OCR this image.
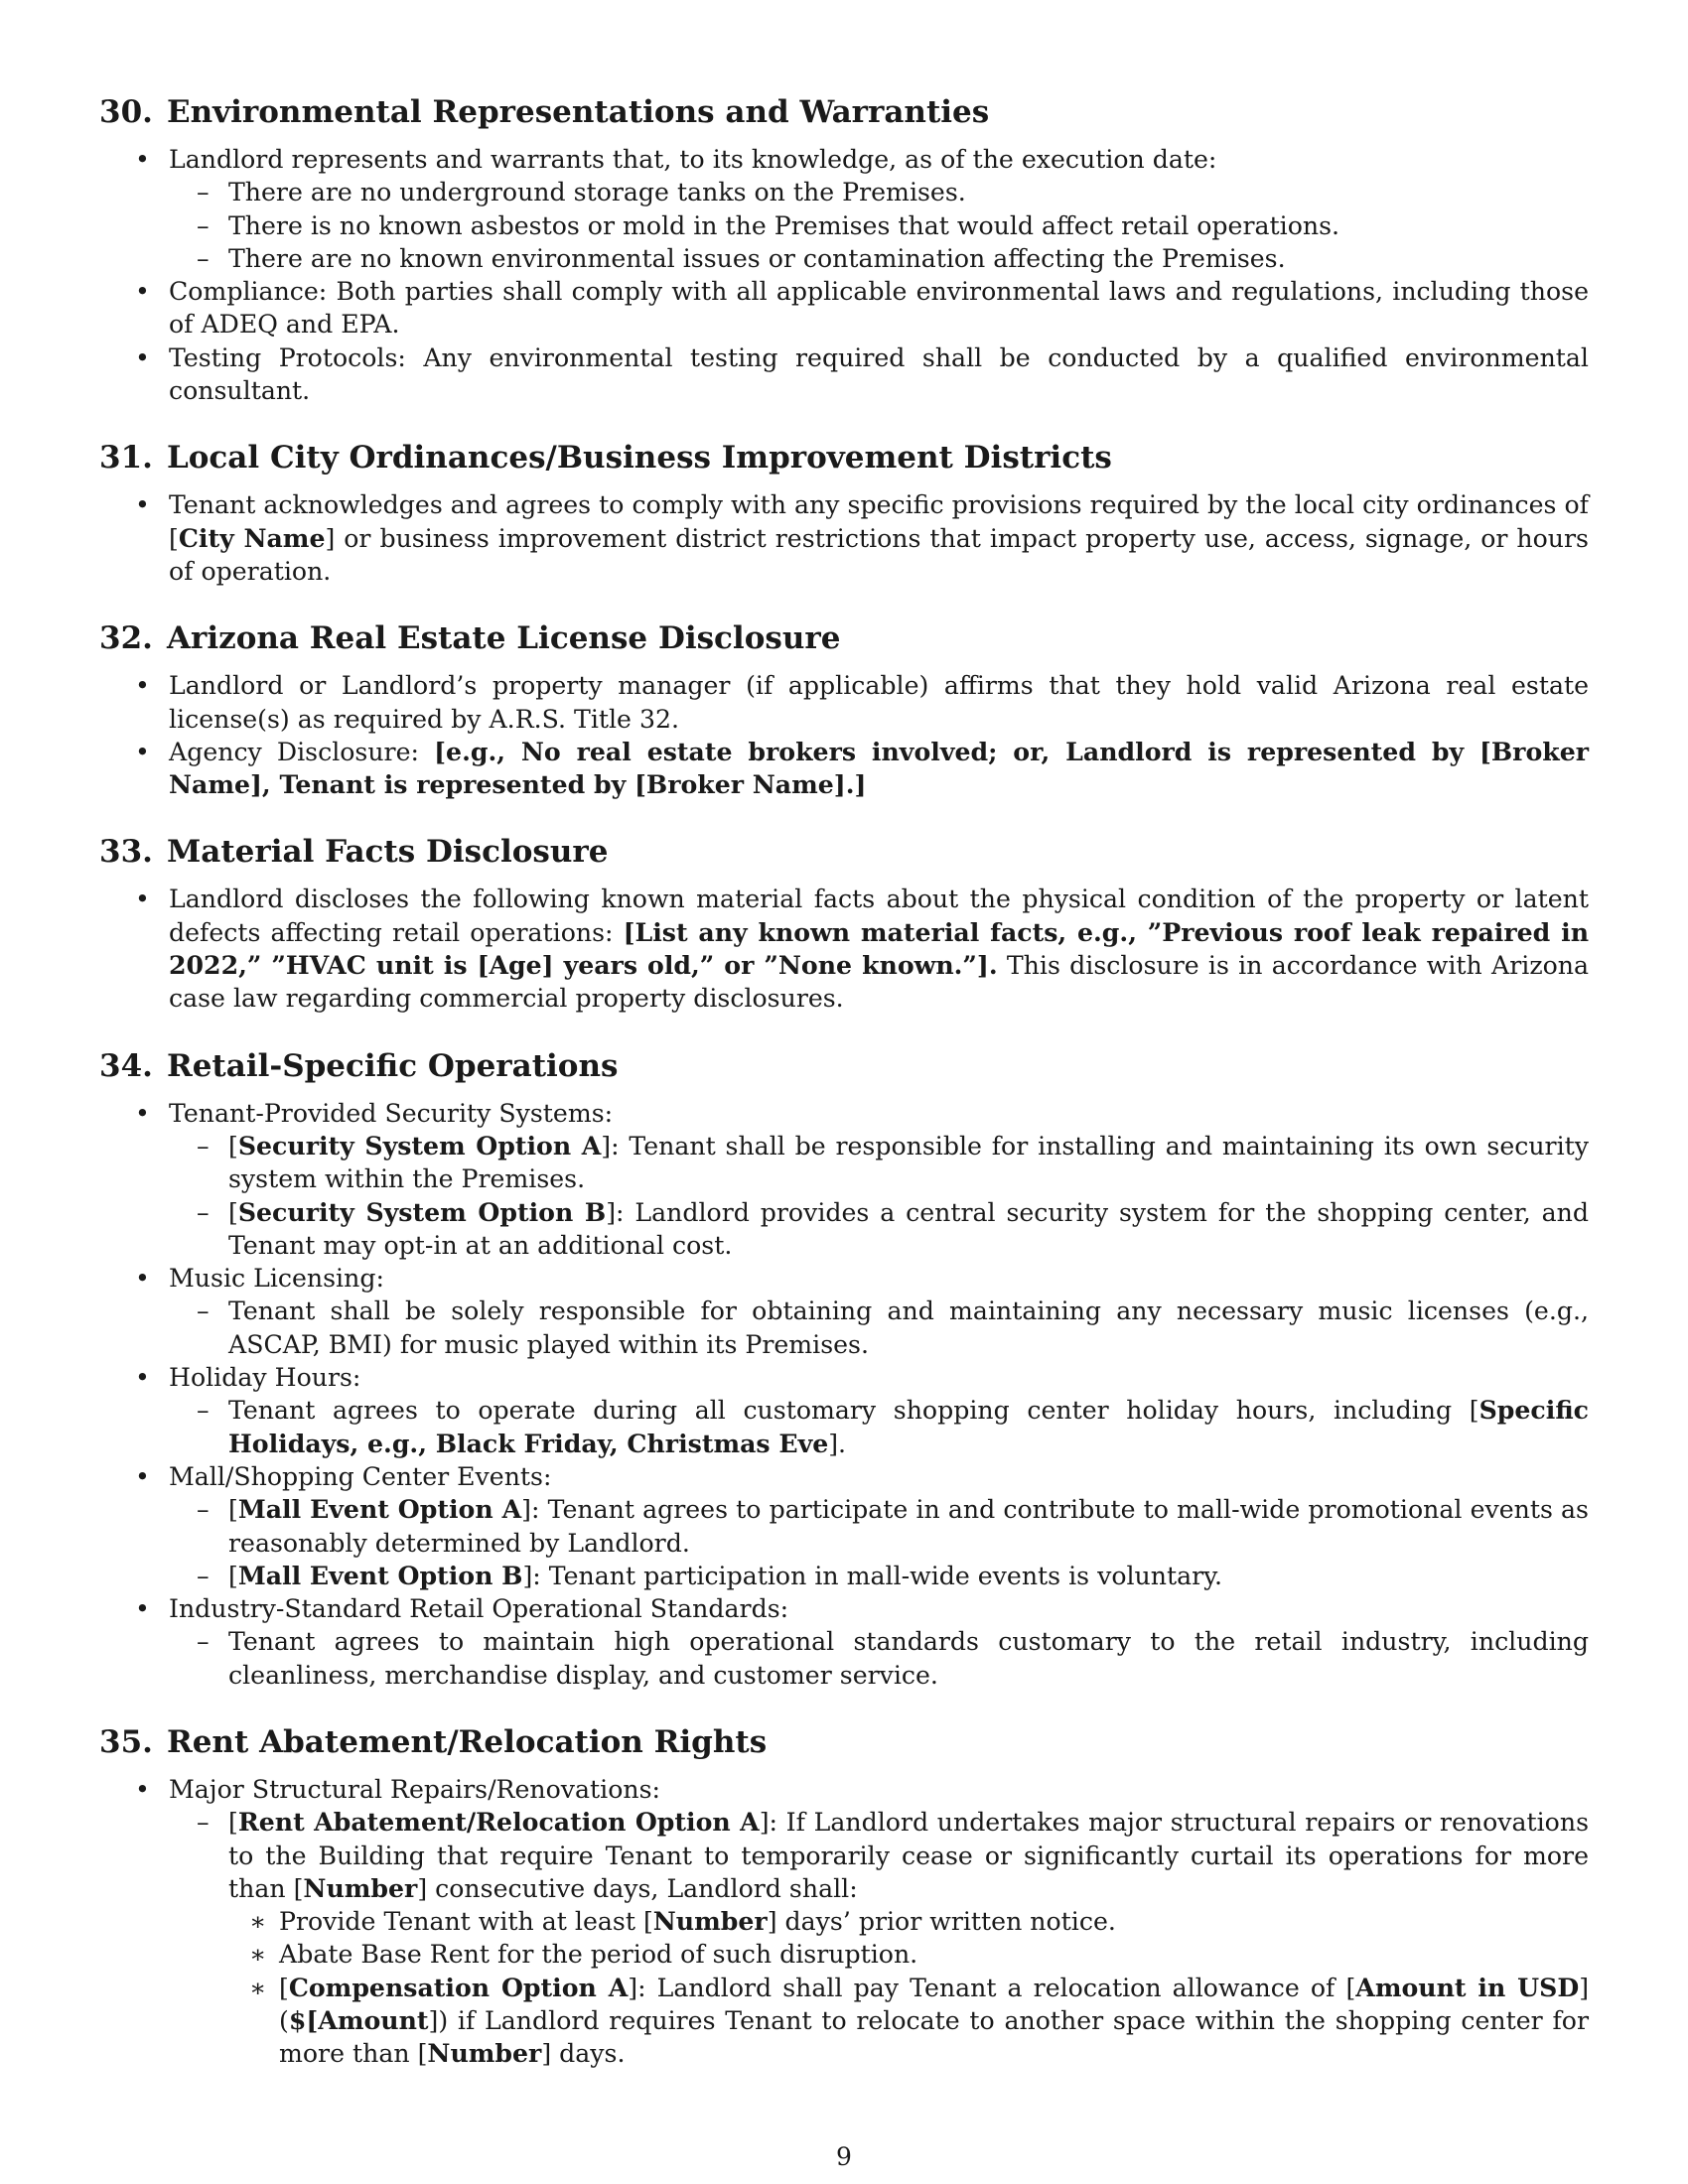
30. Environmental Representations and Warranties
• Landlord represents and warrants that, to its knowledge, as of the execution date:
– There are no underground storage tanks on the Premises.
– There is no known asbestos or mold in the Premises that would affect retail operations.
– There are no known environmental issues or contamination affecting the Premises.
• Compliance: Both parties shall comply with all applicable environmental laws and regulations, including those of ADEQ and EPA.
• Testing Protocols: Any environmental testing required shall be conducted by a qualified environmental consultant.
31. Local City Ordinances/Business Improvement Districts
• Tenant acknowledges and agrees to comply with any specific provisions required by the local city ordinances of [City Name] or business improvement district restrictions that impact property use, access, signage, or hours of operation.
32. Arizona Real Estate License Disclosure
• Landlord or Landlord’s property manager (if applicable) affirms that they hold valid Arizona real estate license(s) as required by A.R.S. Title 32.
• Agency Disclosure: [e.g., No real estate brokers involved; or, Landlord is represented by [Broker Name], Tenant is represented by [Broker Name].]
33. Material Facts Disclosure
• Landlord discloses the following known material facts about the physical condition of the property or latent defects affecting retail operations: [List any known material facts, e.g., ”Previous roof leak repaired in 2022,” ”HVAC unit is [Age] years old,” or ”None known.”]. This disclosure is in accordance with Arizona case law regarding commercial property disclosures.
34. Retail-Specific Operations
• Tenant-Provided Security Systems:
– [Security System Option A]: Tenant shall be responsible for installing and maintaining its own security system within the Premises.
– [Security System Option B]: Landlord provides a central security system for the shopping center, and Tenant may opt-in at an additional cost.
• Music Licensing:
– Tenant shall be solely responsible for obtaining and maintaining any necessary music licenses (e.g., ASCAP, BMI) for music played within its Premises.
• Holiday Hours:
– Tenant agrees to operate during all customary shopping center holiday hours, including [Specific Holidays, e.g., Black Friday, Christmas Eve].
• Mall/Shopping Center Events:
– [Mall Event Option A]: Tenant agrees to participate in and contribute to mall-wide promotional events as reasonably determined by Landlord.
– [Mall Event Option B]: Tenant participation in mall-wide events is voluntary.
• Industry-Standard Retail Operational Standards:
– Tenant agrees to maintain high operational standards customary to the retail industry, including cleanliness, merchandise display, and customer service.
35. Rent Abatement/Relocation Rights
• Major Structural Repairs/Renovations:
– [Rent Abatement/Relocation Option A]: If Landlord undertakes major structural repairs or renovations to the Building that require Tenant to temporarily cease or significantly curtail its operations for more than [Number] consecutive days, Landlord shall:
∗ Provide Tenant with at least [Number] days’ prior written notice.
∗ Abate Base Rent for the period of such disruption.
∗ [Compensation Option A]: Landlord shall pay Tenant a relocation allowance of [Amount in USD] ($[Amount]) if Landlord requires Tenant to relocate to another space within the shopping center for more than [Number] days.
9
